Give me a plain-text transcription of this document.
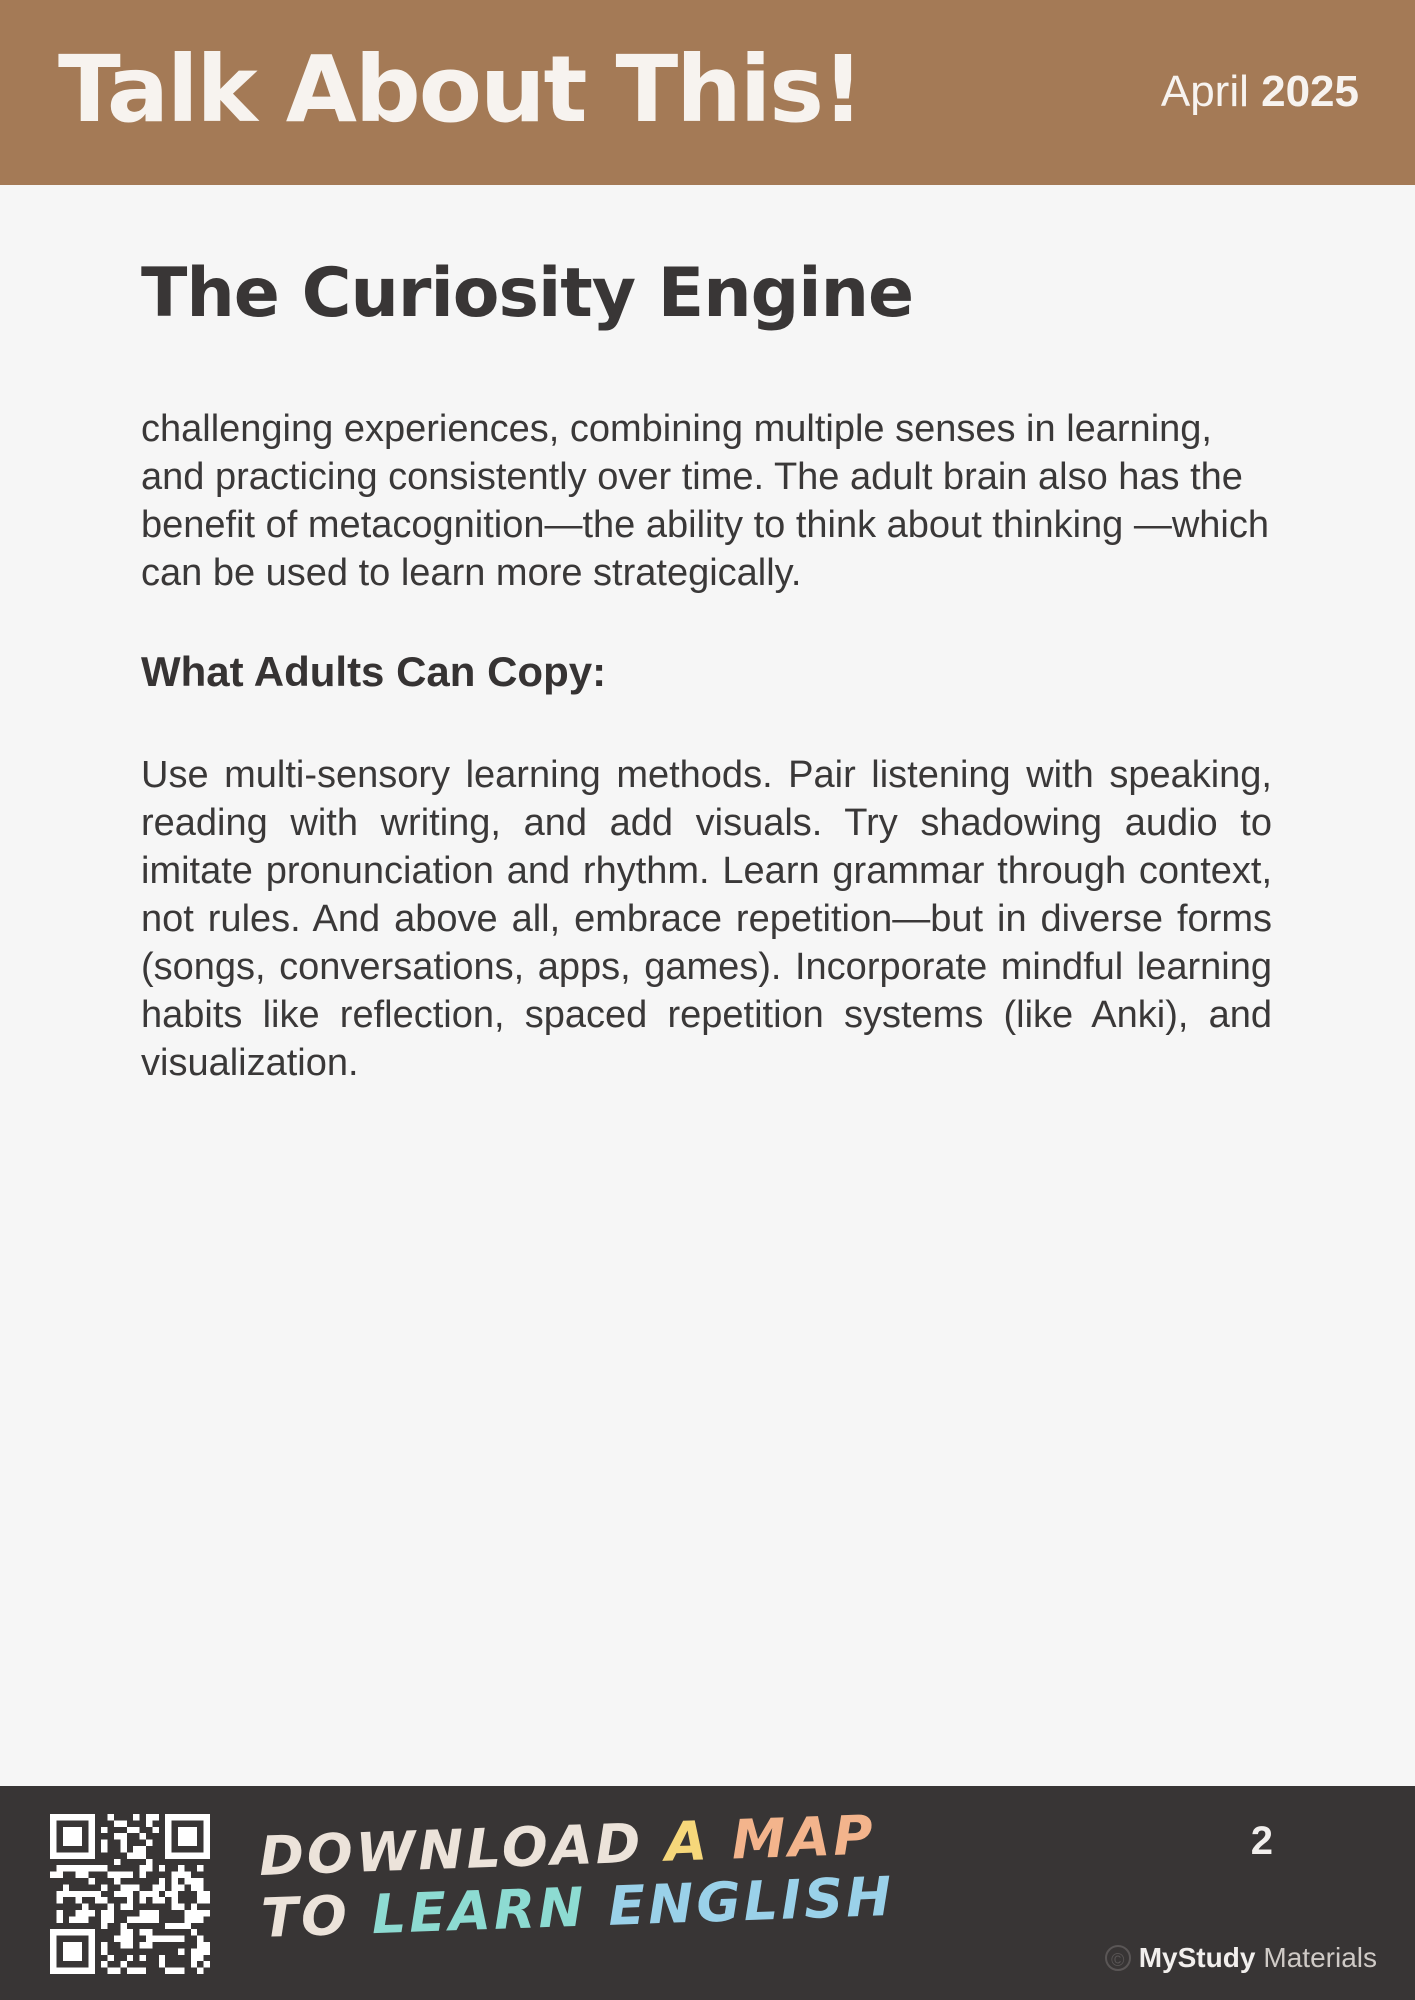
Talk About This!	April 2025
The Curiosity Engine

challenging experiences, combining multiple senses in learning, and practicing consistently over time. The adult brain also has the benefit of metacognition—the ability to think about thinking —which can be used to learn more strategically.

What Adults Can Copy:

Use multi-sensory learning methods. Pair listening with speaking, reading with writing, and add visuals. Try shadowing audio to imitate pronunciation and rhythm. Learn grammar through context, not rules. And above all, embrace repetition—but in diverse forms (songs, conversations, apps, games). Incorporate mindful learning habits like reflection, spaced repetition systems (like Anki), and visualization.

DOWNLOAD A MAP
TO LEARN ENGLISH
2
© MyStudy Materials
